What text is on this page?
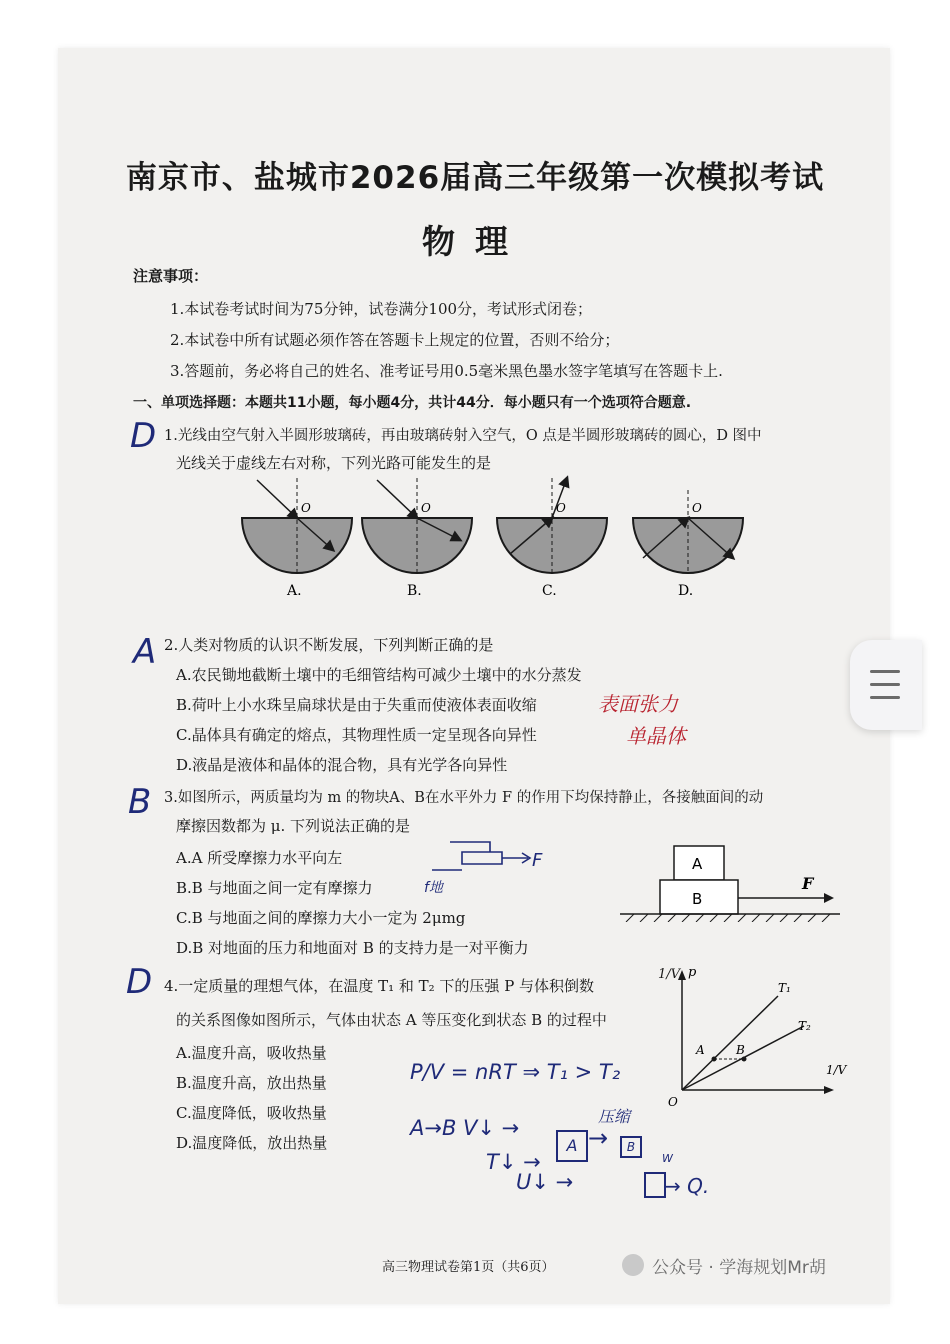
南京市、盐城市2026届高三年级第一次模拟考试
物理
注意事项：
1.本试卷考试时间为75分钟，试卷满分100分，考试形式闭卷；
2.本试卷中所有试题必须作答在答题卡上规定的位置，否则不给分；
3.答题前，务必将自己的姓名、准考证号用0.5毫米黑色墨水签字笔填写在答题卡上.
一、单项选择题：本题共11小题，每小题4分，共计44分．每小题只有一个选项符合题意.
D 1.光线由空气射入半圆形玻璃砖，再由玻璃砖射入空气，O 点是半圆形玻璃砖的圆心，D 图中
光线关于虚线左右对称，下列光路可能发生的是
O	O	O	O
A.	B.	C.	D.
A 2.人类对物质的认识不断发展，下列判断正确的是
A.农民锄地截断土壤中的毛细管结构可减少土壤中的水分蒸发
B.荷叶上小水珠呈扁球状是由于失重而使液体表面收缩	表面张力
C.晶体具有确定的熔点，其物理性质一定呈现各向异性	单晶体
D.液晶是液体和晶体的混合物，具有光学各向异性
B 3.如图所示，两质量均为 m 的物块A、B在水平外力 F 的作用下均保持静止，各接触面间的动
摩擦因数都为 μ. 下列说法正确的是
A.A 所受摩擦力水平向左
B.B 与地面之间一定有摩擦力
C.B 与地面之间的摩擦力大小一定为 2μmg
D.B 对地面的压力和地面对 B 的支持力是一对平衡力
F
f地
A
B
F
D 4.一定质量的理想气体，在温度 T₁ 和 T₂ 下的压强 P 与体积倒数
1/V
的关系图像如图所示，气体由状态 A 等压变化到状态 B 的过程中
A.温度升高，吸收热量
B.温度升高，放出热量
C.温度降低，吸收热量
D.温度降低，放出热量
p
T₁
T₂
A	B
O
1/V
P/V = nRT ⇒ T₁ > T₂
A→B V↓ →
A →
压缩
B
T↓ →
U↓ →
W
→ Q.
高三物理试卷第1页（共6页）	公众号 · 学海规划Mr胡
